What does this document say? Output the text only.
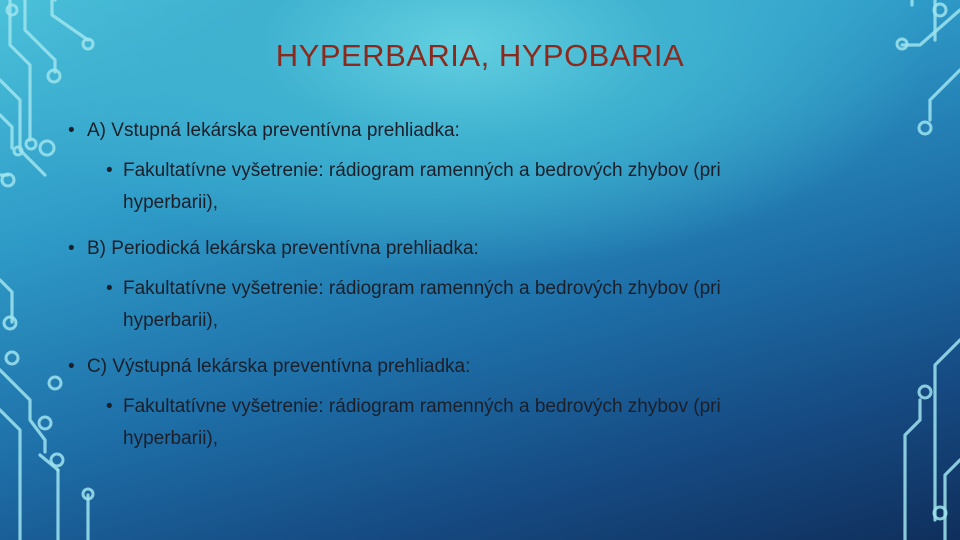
HYPERBARIA, HYPOBARIA
• A) Vstupná lekárska preventívna prehliadka:
• Fakultatívne vyšetrenie: rádiogram ramenných a bedrových zhybov (pri
hyperbarii),
• B) Periodická lekárska preventívna prehliadka:
• Fakultatívne vyšetrenie: rádiogram ramenných a bedrových zhybov (pri
hyperbarii),
• C) Výstupná lekárska preventívna prehliadka:
• Fakultatívne vyšetrenie: rádiogram ramenných a bedrových zhybov (pri
hyperbarii),
